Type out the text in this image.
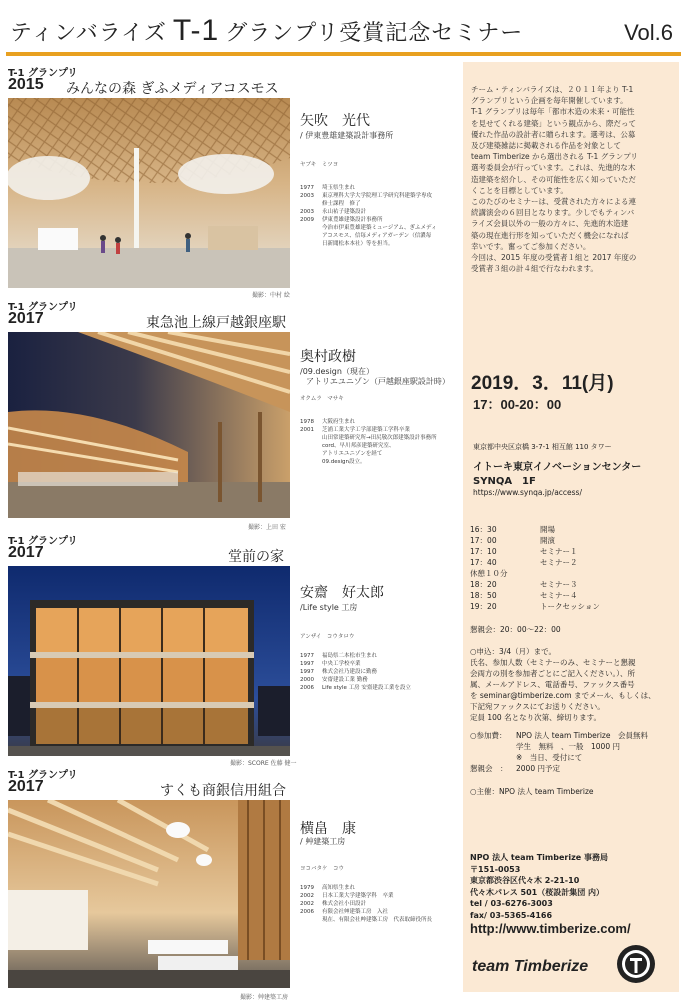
ティンバライズ T-1 グランプリ受賞記念セミナー	Vol.6
T-1 グランプリ
2015 みんなの森 ぎふメディアコスモス
撮影：中村 絵
矢吹　光代
/ 伊東豊雄建築設計事務所
ヤブキ　ミツヨ
1977	埼玉県生まれ
2003	東京理科大学大学院理工学研究科建築学専攻
修士課程　修了
2003	永山祐子建築設計
2009	伊東豊雄建築設計事務所
今治市伊東豊雄建築ミュージアム、ぎふメディ
アコスモス、信毎メディアガーデン（信濃毎
日新聞松本本社）等を担当。
T-1 グランプリ
2017	東急池上線戸越銀座駅
撮影：上田 宏
奥村政樹
/09.design（現在）
アトリエユニゾン（戸越銀座駅設計時）
オクムラ　マサキ
1978	大阪府生まれ
2001	芝浦工業大学工学部建築工学科卒業
山田常建築研究所→田尻敬次郎建築設計事務所
cord、早川邦彦建築研究室、
アトリエユニゾンを経て
09.design設立。
T-1 グランプリ
2017	堂前の家
撮影：SCORE 佐藤 健一
安齋　好太郎
/Life style 工房
アンザイ　コウタロウ
1977	福島県二本松市生まれ
1997	中央工学校卒業
1997	株式会社乃建設に勤務
2000	安齋建設工業 勤務
2006	Life style 工房 安齋建設工業を設立
T-1 グランプリ
2017	すくも商銀信用組合
撮影：艸建築工房
横畠　康
/ 艸建築工房
ヨコバタケ　コウ
1979	高知県生まれ
2002	日本工業大学建築学科　卒業
2002	株式会社小田設計
2006	有限会社艸建築工房　入社
現在、有限会社艸建築工房　代表取締役所長
チーム・ティンバライズは、２０１１年より T-1
グランプリという企画を毎年開催しています。
T-1 グランプリは毎年「都市木造の未来・可能性
を見せてくれる建築」という観点から、際だって
優れた作品の設計者に贈られます。選考は、公募
及び建築雑誌に掲載される作品を対象として
team Timberize から選出される T-1 グランプリ
選考委員会が行っています。これは、先進的な木
造建築を紹介し、その可能性を広く知っていただ
くことを目標としています。
このたびのセミナーは、受賞された方々による連
続講演会の６回目となります。少しでもティンバ
ライズ会員以外の一般の方々に、先進的木造建
築の現在進行形を知っていただく機会になれば
幸いです。奮ってご参加ください。
今回は、2015 年度の受賞者１組と 2017 年度の
受賞者３組の計４組で行なわれます。
2019．3．11(月)
17：00-20：00
東京都中央区京橋 3-7-1 相互館 110 タワー
イトーキ東京イノベーションセンター
SYNQA　1F
https://www.synqa.jp/access/
16：30	開場
17：00	開演
17：10	セミナー１
17：40	セミナー２
休憩１０分
18：20	セミナー３
18：50	セミナー４
19：20	トークセッション
懇親会：20：00～22：00
○申込：3/4（月）まで。
氏名、参加人数（セミナーのみ、セミナーと懇親
会両方の別を参加者ごとにご記入ください。）、所
属、メールアドレス、電話番号、ファックス番号
を seminar@timberize.com までメール、もしくは、
下記宛ファックスにてお送りください。
定員 100 名となり次第、締切ります。
○参加費：	NPO 法人 team Timberize　会員無料
学生　無料　、一般　1000 円
※　当日、受付にて
懇親会　：	2000 円予定
○主催：NPO 法人 team Timberize
NPO 法人 team Timberize 事務局
〒151-0053
東京都渋谷区代々木 2-21-10
代々木パレス 501（桜設計集団 内）
tel / 03-6276-3003
fax/ 03-5365-4166
http://www.timberize.com/
team Timberize
